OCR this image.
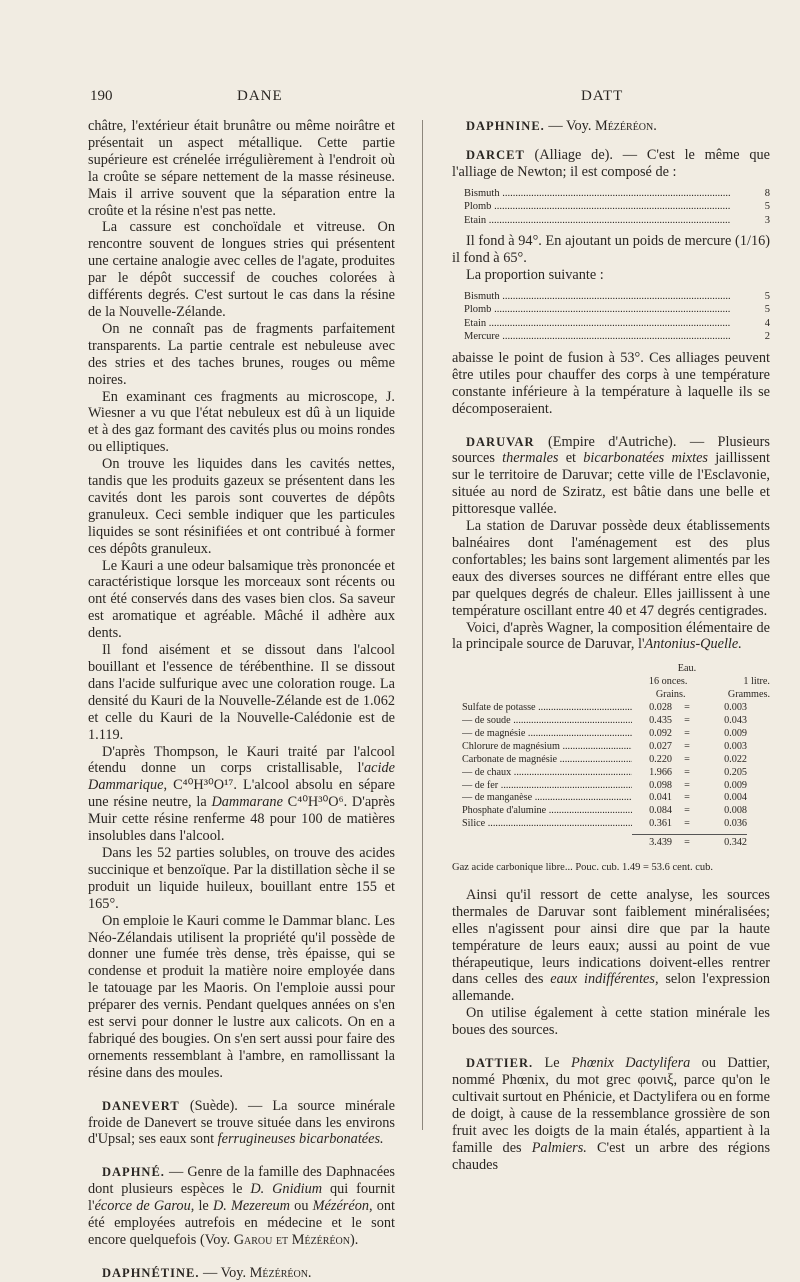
190	DANE	DATT

châtre, l'extérieur était brunâtre ou même noirâtre et présentait un aspect métallique. Cette partie supérieure est crénelée irrégulièrement à l'endroit où la croûte se sépare nettement de la masse résineuse. Mais il arrive souvent que la séparation entre la croûte et la résine n'est pas nette.

La cassure est conchoïdale et vitreuse. On rencontre souvent de longues stries qui présentent une certaine analogie avec celles de l'agate, produites par le dépôt successif de couches colorées à différents degrés. C'est surtout le cas dans la résine de la Nouvelle-Zélande.

On ne connaît pas de fragments parfaitement transparents. La partie centrale est nebuleuse avec des stries et des taches brunes, rouges ou même noires.

En examinant ces fragments au microscope, J. Wiesner a vu que l'état nebuleux est dû à un liquide et à des gaz formant des cavités plus ou moins rondes ou elliptiques.

On trouve les liquides dans les cavités nettes, tandis que les produits gazeux se présentent dans les cavités dont les parois sont couvertes de dépôts granuleux. Ceci semble indiquer que les particules liquides se sont résinifiées et ont contribué à former ces dépôts granuleux.

Le Kauri a une odeur balsamique très prononcée et caractéristique lorsque les morceaux sont récents ou ont été conservés dans des vases bien clos. Sa saveur est aromatique et agréable. Mâché il adhère aux dents.

Il fond aisément et se dissout dans l'alcool bouillant et l'essence de térébenthine. Il se dissout dans l'acide sulfurique avec une coloration rouge. La densité du Kauri de la Nouvelle-Zélande est de 1.062 et celle du Kauri de la Nouvelle-Calédonie est de 1.119.

D'après Thompson, le Kauri traité par l'alcool étendu donne un corps cristallisable, l'acide Dammarique, C⁴⁰H³⁰O¹⁷. L'alcool absolu en sépare une résine neutre, la Dammarane C⁴⁰H³⁰O⁶. D'après Muir cette résine renferme 48 pour 100 de matières insolubles dans l'alcool.

Dans les 52 parties solubles, on trouve des acides succinique et benzoïque. Par la distillation sèche il se produit un liquide huileux, bouillant entre 155 et 165°.

On emploie le Kauri comme le Dammar blanc. Les Néo-Zélandais utilisent la propriété qu'il possède de donner une fumée très dense, très épaisse, qui se condense et produit la matière noire employée dans le tatouage par les Maoris. On l'emploie aussi pour préparer des vernis. Pendant quelques années on s'en est servi pour donner le lustre aux calicots. On en a fabriqué des bougies. On s'en sert aussi pour faire des ornements ressemblant à l'ambre, en ramollissant la résine dans des moules.

DANEVERT (Suède). — La source minérale froide de Danevert se trouve située dans les environs d'Upsal; ses eaux sont ferrugineuses bicarbonatées.

DAPHNÉ. — Genre de la famille des Daphnacées dont plusieurs espèces le D. Gnidium qui fournit l'écorce de Garou, le D. Mezereum ou Mézéréon, ont été employées autrefois en médecine et le sont encore quelquefois (Voy. Garou et Mézéréon).

DAPHNÉTINE. — Voy. Mézéréon.

DAPHNINE. — Voy. Mézéréon.

DARCET (Alliage de). — C'est le même que l'alliage de Newton; il est composé de :

Bismuth .....	8
Plomb .....	5
Etain .....	3

Il fond à 94°. En ajoutant un poids de mercure (1/16) il fond à 65°.

La proportion suivante :

Bismuth .....	5
Plomb .....	5
Etain .....	4
Mercure .....	2

abaisse le point de fusion à 53°. Ces alliages peuvent être utiles pour chauffer des corps à une température constante inférieure à la température à laquelle ils se décomposeraient.

DARUVAR (Empire d'Autriche). — Plusieurs sources thermales et bicarbonatées mixtes jaillissent sur le territoire de Daruvar; cette ville de l'Esclavonie, située au nord de Sziratz, est bâtie dans une belle et pittoresque vallée.

La station de Daruvar possède deux établissements balnéaires dont l'aménagement est des plus confortables; les bains sont largement alimentés par les eaux des diverses sources ne différant entre elles que par quelques degrés de chaleur. Elles jaillissent à une température oscillant entre 40 et 47 degrés centigrades.

Voici, d'après Wagner, la composition élémentaire de la principale source de Daruvar, l'Antonius-Quelle.

Eau.
16 onces.	1 litre.
Grains.	Grammes.
Sulfate de potasse .....	0.028	=	0.003
— de soude .....	0.435	=	0.043
— de magnésie .....	0.092	=	0.009
Chlorure de magnésium .....	0.027	=	0.003
Carbonate de magnésie .....	0.220	=	0.022
— de chaux .....	1.966	=	0.205
— de fer .....	0.098	=	0.009
— de manganèse .....	0.041	=	0.004
Phosphate d'alumine .....	0.084	=	0.008
Silice .....	0.361	=	0.036
3.439	=	0.342

Gaz acide carbonique libre... Pouc. cub. 1.49 = 53.6 cent. cub.

Ainsi qu'il ressort de cette analyse, les sources thermales de Daruvar sont faiblement minéralisées; elles n'agissent pour ainsi dire que par la haute température de leurs eaux; aussi au point de vue thérapeutique, leurs indications doivent-elles rentrer dans celles des eaux indifférentes, selon l'expression allemande.

On utilise également à cette station minérale les boues des sources.

DATTIER. Le Phœnix Dactylifera ou Dattier, nommé Phœnix, du mot grec φοινιξ, parce qu'on le cultivait surtout en Phénicie, et Dactylifera ou en forme de doigt, à cause de la ressemblance grossière de son fruit avec les doigts de la main étalés, appartient à la famille des Palmiers. C'est un arbre des régions chaudes
